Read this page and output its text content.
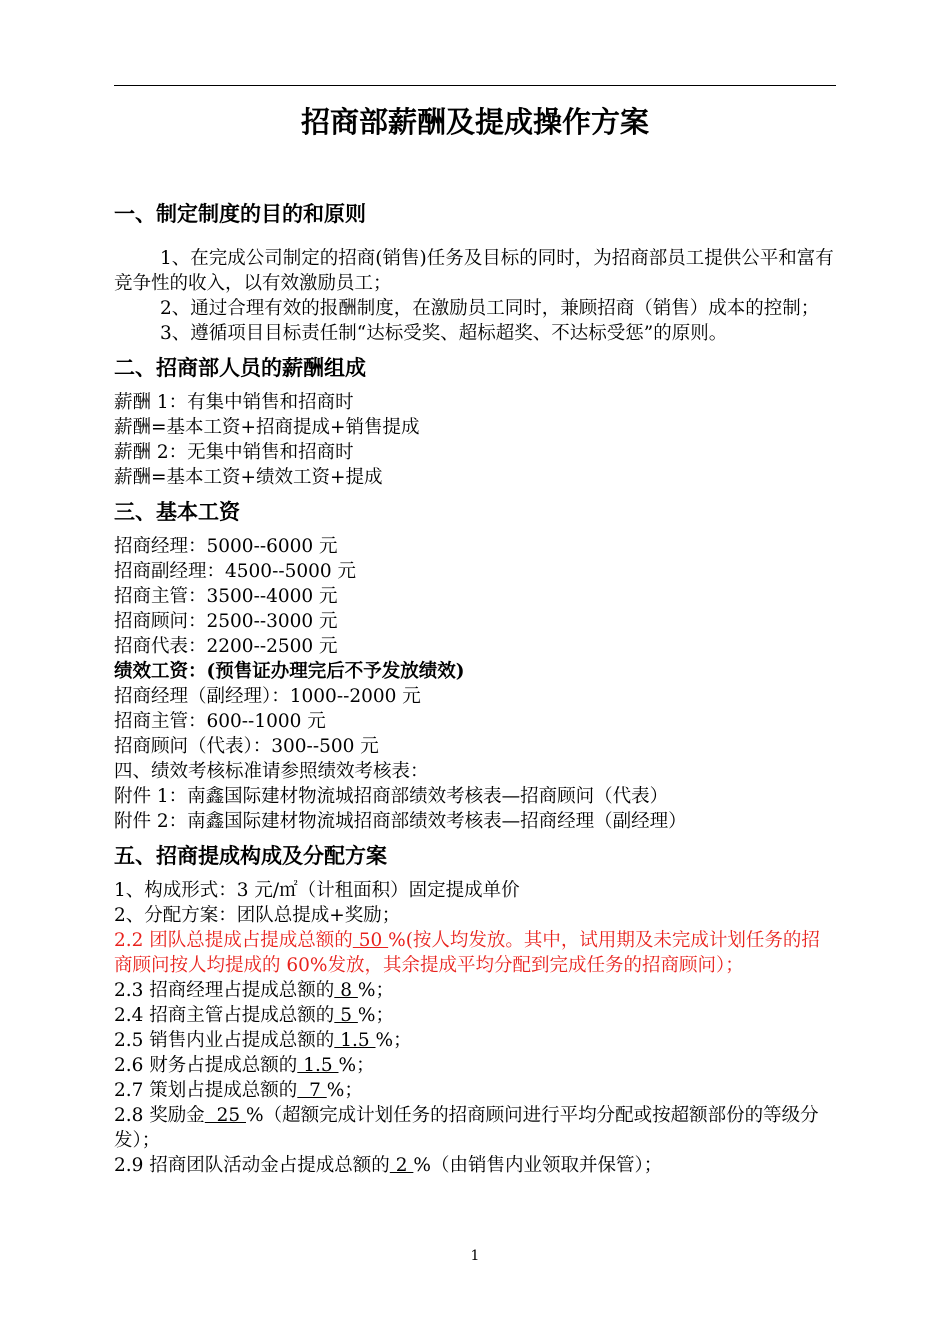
招商部薪酬及提成操作方案
一、制定制度的目的和原则

1、在完成公司制定的招商(销售)任务及目标的同时，为招商部员工提供公平和富有竞争性的收入，以有效激励员工；

2、通过合理有效的报酬制度，在激励员工同时，兼顾招商（销售）成本的控制；

3、遵循项目目标责任制“达标受奖、超标超奖、不达标受惩”的原则。

二、招商部人员的薪酬组成

薪酬 1：有集中销售和招商时

薪酬=基本工资+招商提成+销售提成

薪酬 2：无集中销售和招商时

薪酬=基本工资+绩效工资+提成

三、基本工资

招商经理：5000--6000 元

招商副经理：4500--5000 元

招商主管：3500--4000 元

招商顾问：2500--3000 元

招商代表：2200--2500 元

绩效工资：(预售证办理完后不予发放绩效)

招商经理（副经理）：1000--2000 元

招商主管：600--1000 元

招商顾问（代表）：300--500 元

四、绩效考核标准请参照绩效考核表：

附件 1：南鑫国际建材物流城招商部绩效考核表—招商顾问（代表）

附件 2：南鑫国际建材物流城招商部绩效考核表—招商经理（副经理）

五、招商提成构成及分配方案

1、构成形式：3 元/㎡（计租面积）固定提成单价

2、分配方案：团队总提成+奖励；

2.2 团队总提成占提成总额的 50 %(按人均发放。其中，试用期及未完成计划任务的招商顾问按人均提成的 60%发放，其余提成平均分配到完成任务的招商顾问）；

2.3 招商经理占提成总额的 8 %；

2.4 招商主管占提成总额的 5 %；

2.5 销售内业占提成总额的 1.5 %；

2.6 财务占提成总额的 1.5 %；

2.7 策划占提成总额的  7 %；

2.8 奖励金  25 %（超额完成计划任务的招商顾问进行平均分配或按超额部份的等级分发）；

2.9 招商团队活动金占提成总额的 2 %（由销售内业领取并保管）；

1
